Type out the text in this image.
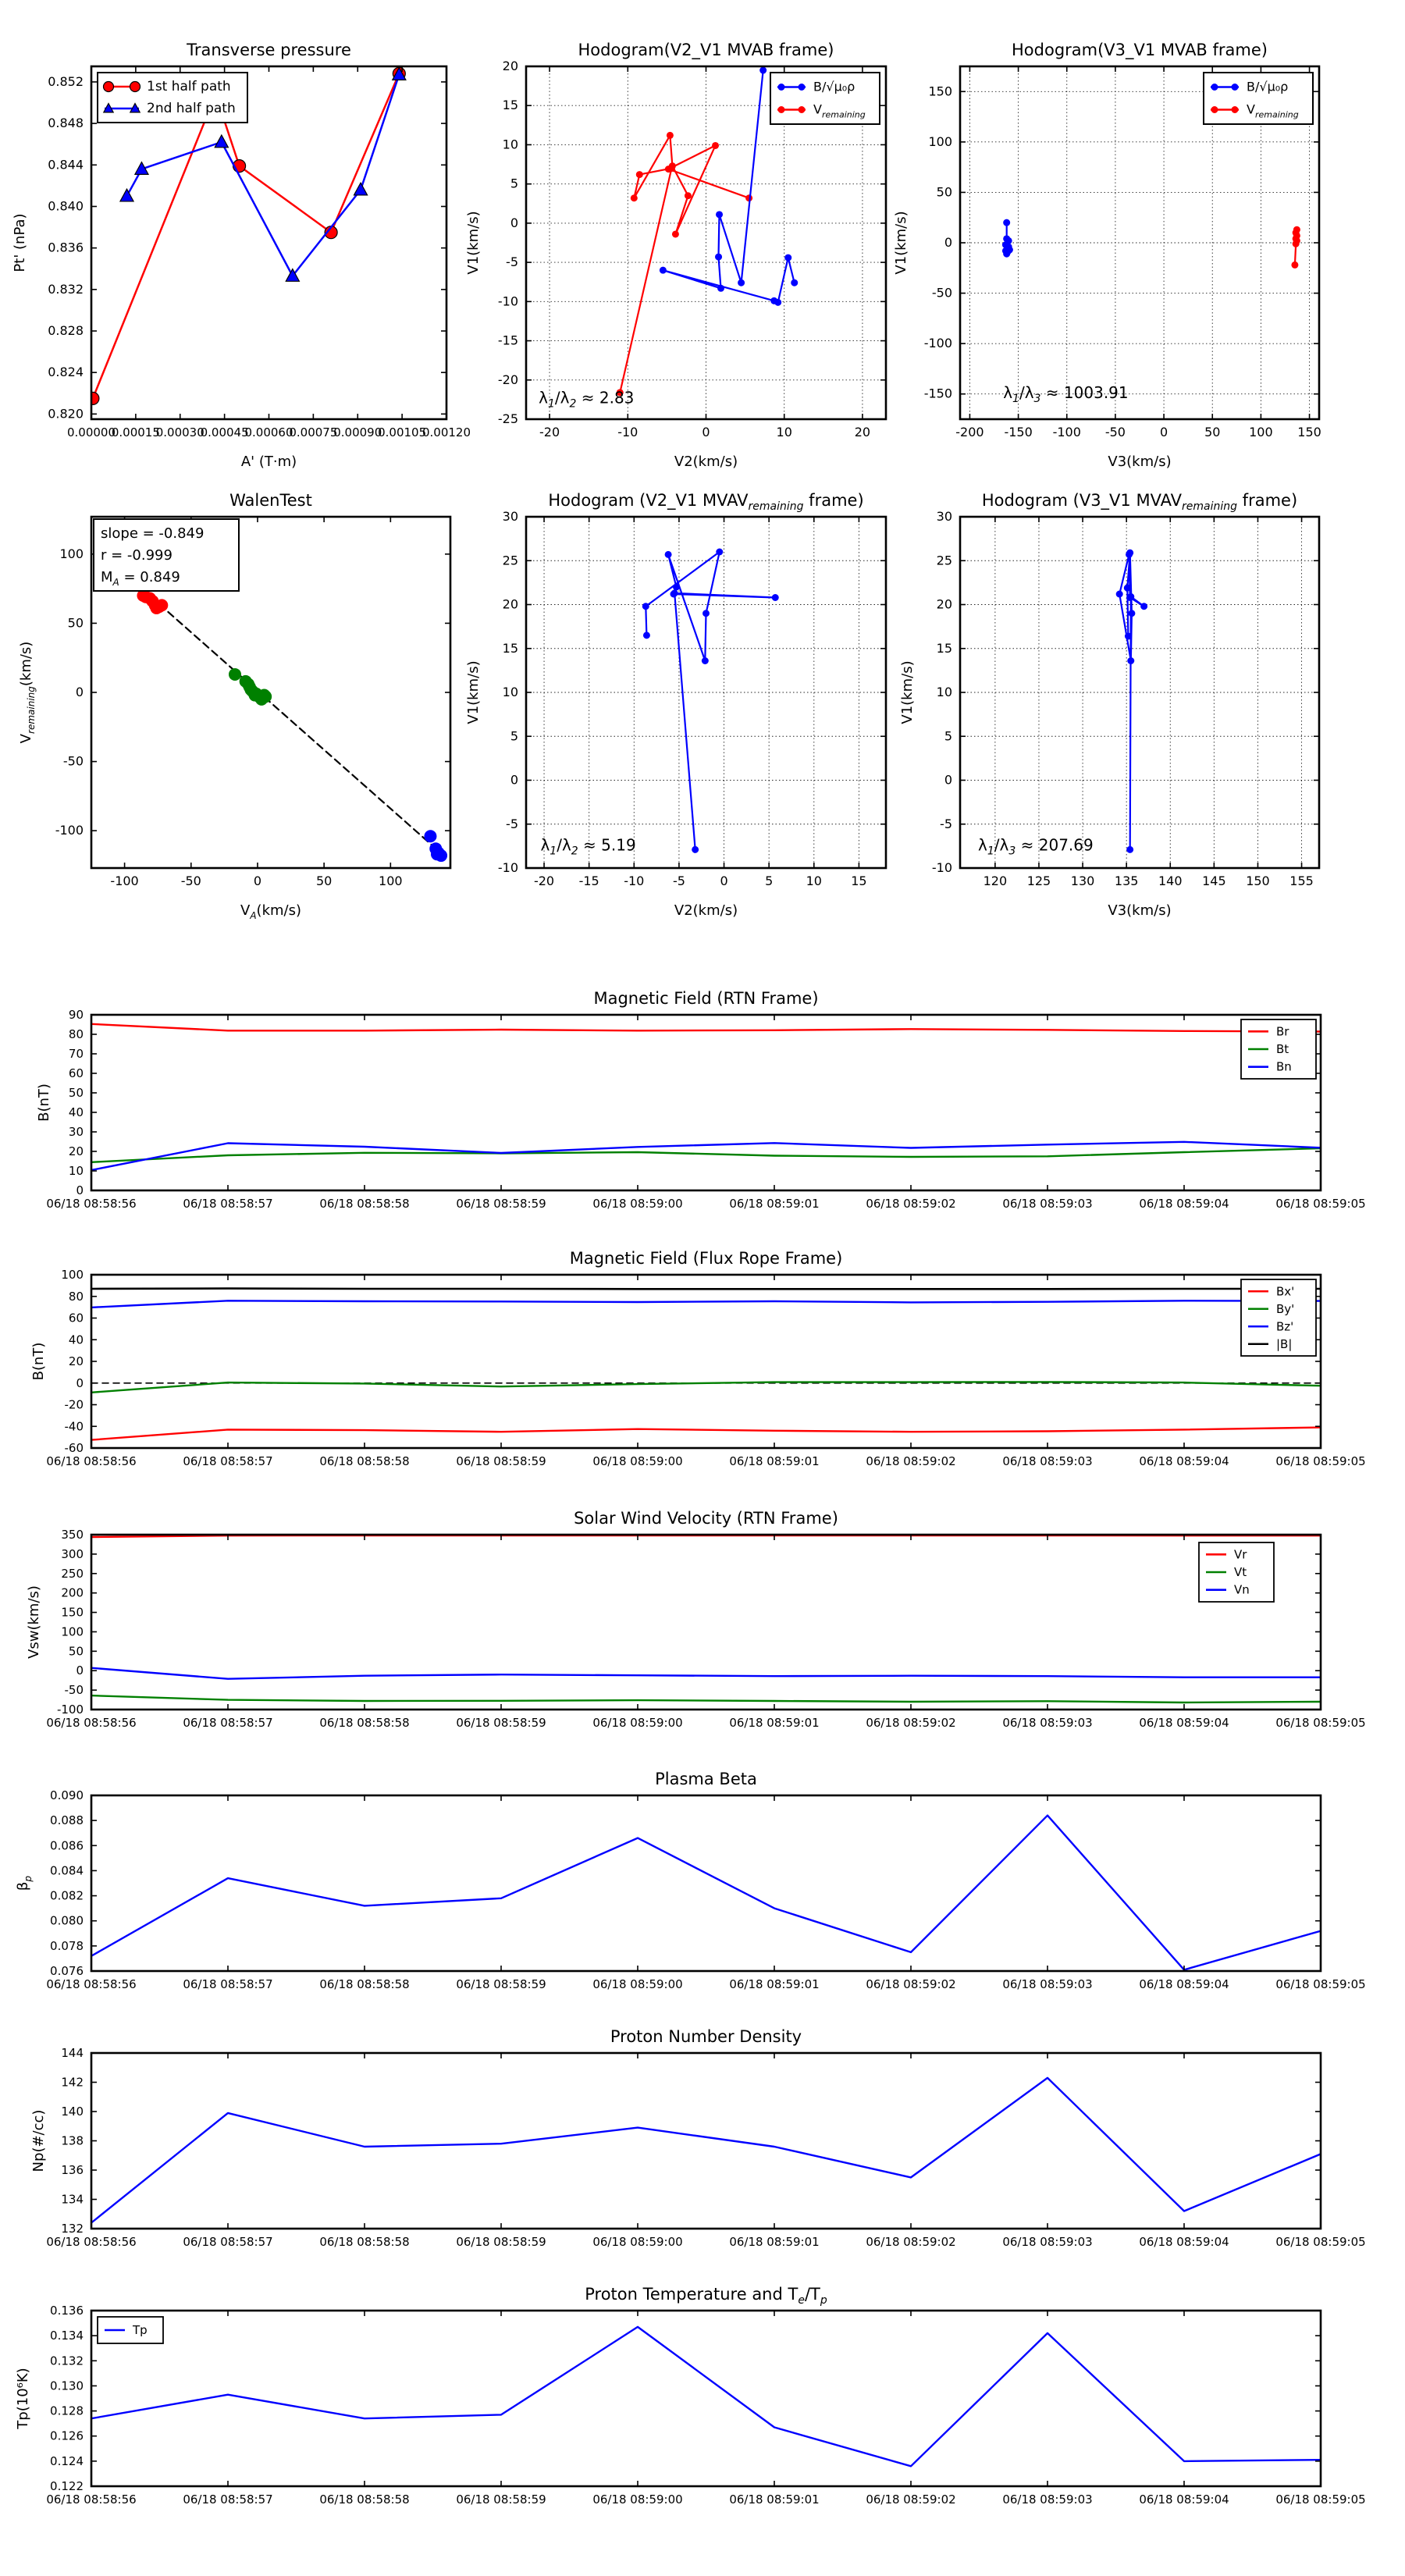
0.00000
0.00015
0.00030
0.00045
0.00060
0.00075
0.00090
0.00105
0.00120
0.820
0.824
0.828
0.832
0.836
0.840
0.844
0.848
0.852
Transverse pressure
A' (T·m)
Pt' (nPa)
1st half path
2nd half path
-20	-10	0	10	20
-25
-20
-15
-10
-5
0
5
10
15
20
Hodogram(V2_V1 MVAB frame)
V2(km/s)
V1(km/s)
B/√μ₀ρ
$V_{remaining}$
$\lambda_1/\lambda_2 \approx 2.83$
-200 -150 -100 -50	0	50 100 150
-150
-100
-50
0
50
100
150
Hodogram(V3_V1 MVAB frame)
V3(km/s)
V1(km/s)
B/√μ₀ρ
$V_{remaining}$
$\lambda_1/\lambda_3 \approx 1003.91$
-100	-50	0	50	100
-100
-50
0
50
100
WalenTest
$V_A(km/s)$
$V_{remaining}(km/s)$
slope = -0.849
r = -0.999
$M_A = 0.849$
-20 -15 -10 -5	0	5	10 15
-10
-5
0
5
10
15
20
25
30
Hodogram (V2_V1 $MVAV_{remaining}$ frame)
V2(km/s)
V1(km/s)
$\lambda_1/\lambda_2 \approx 5.19$
120 125 130 135 140 145 150 155
-10
-5
0
5
10
15
20
25
30
Hodogram (V3_V1 $MVAV_{remaining}$ frame)
V3(km/s)
V1(km/s)
$\lambda_1/\lambda_3 \approx 207.69$
06/18 08:58:56	06/18 08:58:57	06/18 08:58:58	06/18 08:58:59	06/18 08:59:00	06/18 08:59:01	06/18 08:59:02	06/18 08:59:03	06/18 08:59:04	06/18 08:59:05
0
10
20
30
40
50
60
70
80
90
Magnetic Field (RTN Frame)
B(nT)
Br
Bt
Bn
06/18 08:58:56	06/18 08:58:57	06/18 08:58:58	06/18 08:58:59	06/18 08:59:00	06/18 08:59:01	06/18 08:59:02	06/18 08:59:03	06/18 08:59:04	06/18 08:59:05
-60
-40
-20
0
20
40
60
80
100
Magnetic Field (Flux Rope Frame)
B(nT)
Bx'
By'
Bz'
|B|
06/18 08:58:56	06/18 08:58:57	06/18 08:58:58	06/18 08:58:59	06/18 08:59:00	06/18 08:59:01	06/18 08:59:02	06/18 08:59:03	06/18 08:59:04	06/18 08:59:05
-100
-50
0
50
100
150
200
250
300
350
Solar Wind Velocity (RTN Frame)
Vsw(km/s)
Vr
Vt
Vn
06/18 08:58:56	06/18 08:58:57	06/18 08:58:58	06/18 08:58:59	06/18 08:59:00	06/18 08:59:01	06/18 08:59:02	06/18 08:59:03	06/18 08:59:04	06/18 08:59:05
0.076
0.078
0.080
0.082
0.084
0.086
0.088
0.090
Plasma Beta
$\beta_p$
06/18 08:58:56	06/18 08:58:57	06/18 08:58:58	06/18 08:58:59	06/18 08:59:00	06/18 08:59:01	06/18 08:59:02	06/18 08:59:03	06/18 08:59:04	06/18 08:59:05
132
134
136
138
140
142
144
Proton Number Density
Np(#/cc)
06/18 08:58:56	06/18 08:58:57	06/18 08:58:58	06/18 08:58:59	06/18 08:59:00	06/18 08:59:01	06/18 08:59:02	06/18 08:59:03	06/18 08:59:04	06/18 08:59:05
0.122
0.124
0.126
0.128
0.130
0.132
0.134
0.136
Proton Temperature and $T_e/T_p$
Tp(10⁶K)
Tp
